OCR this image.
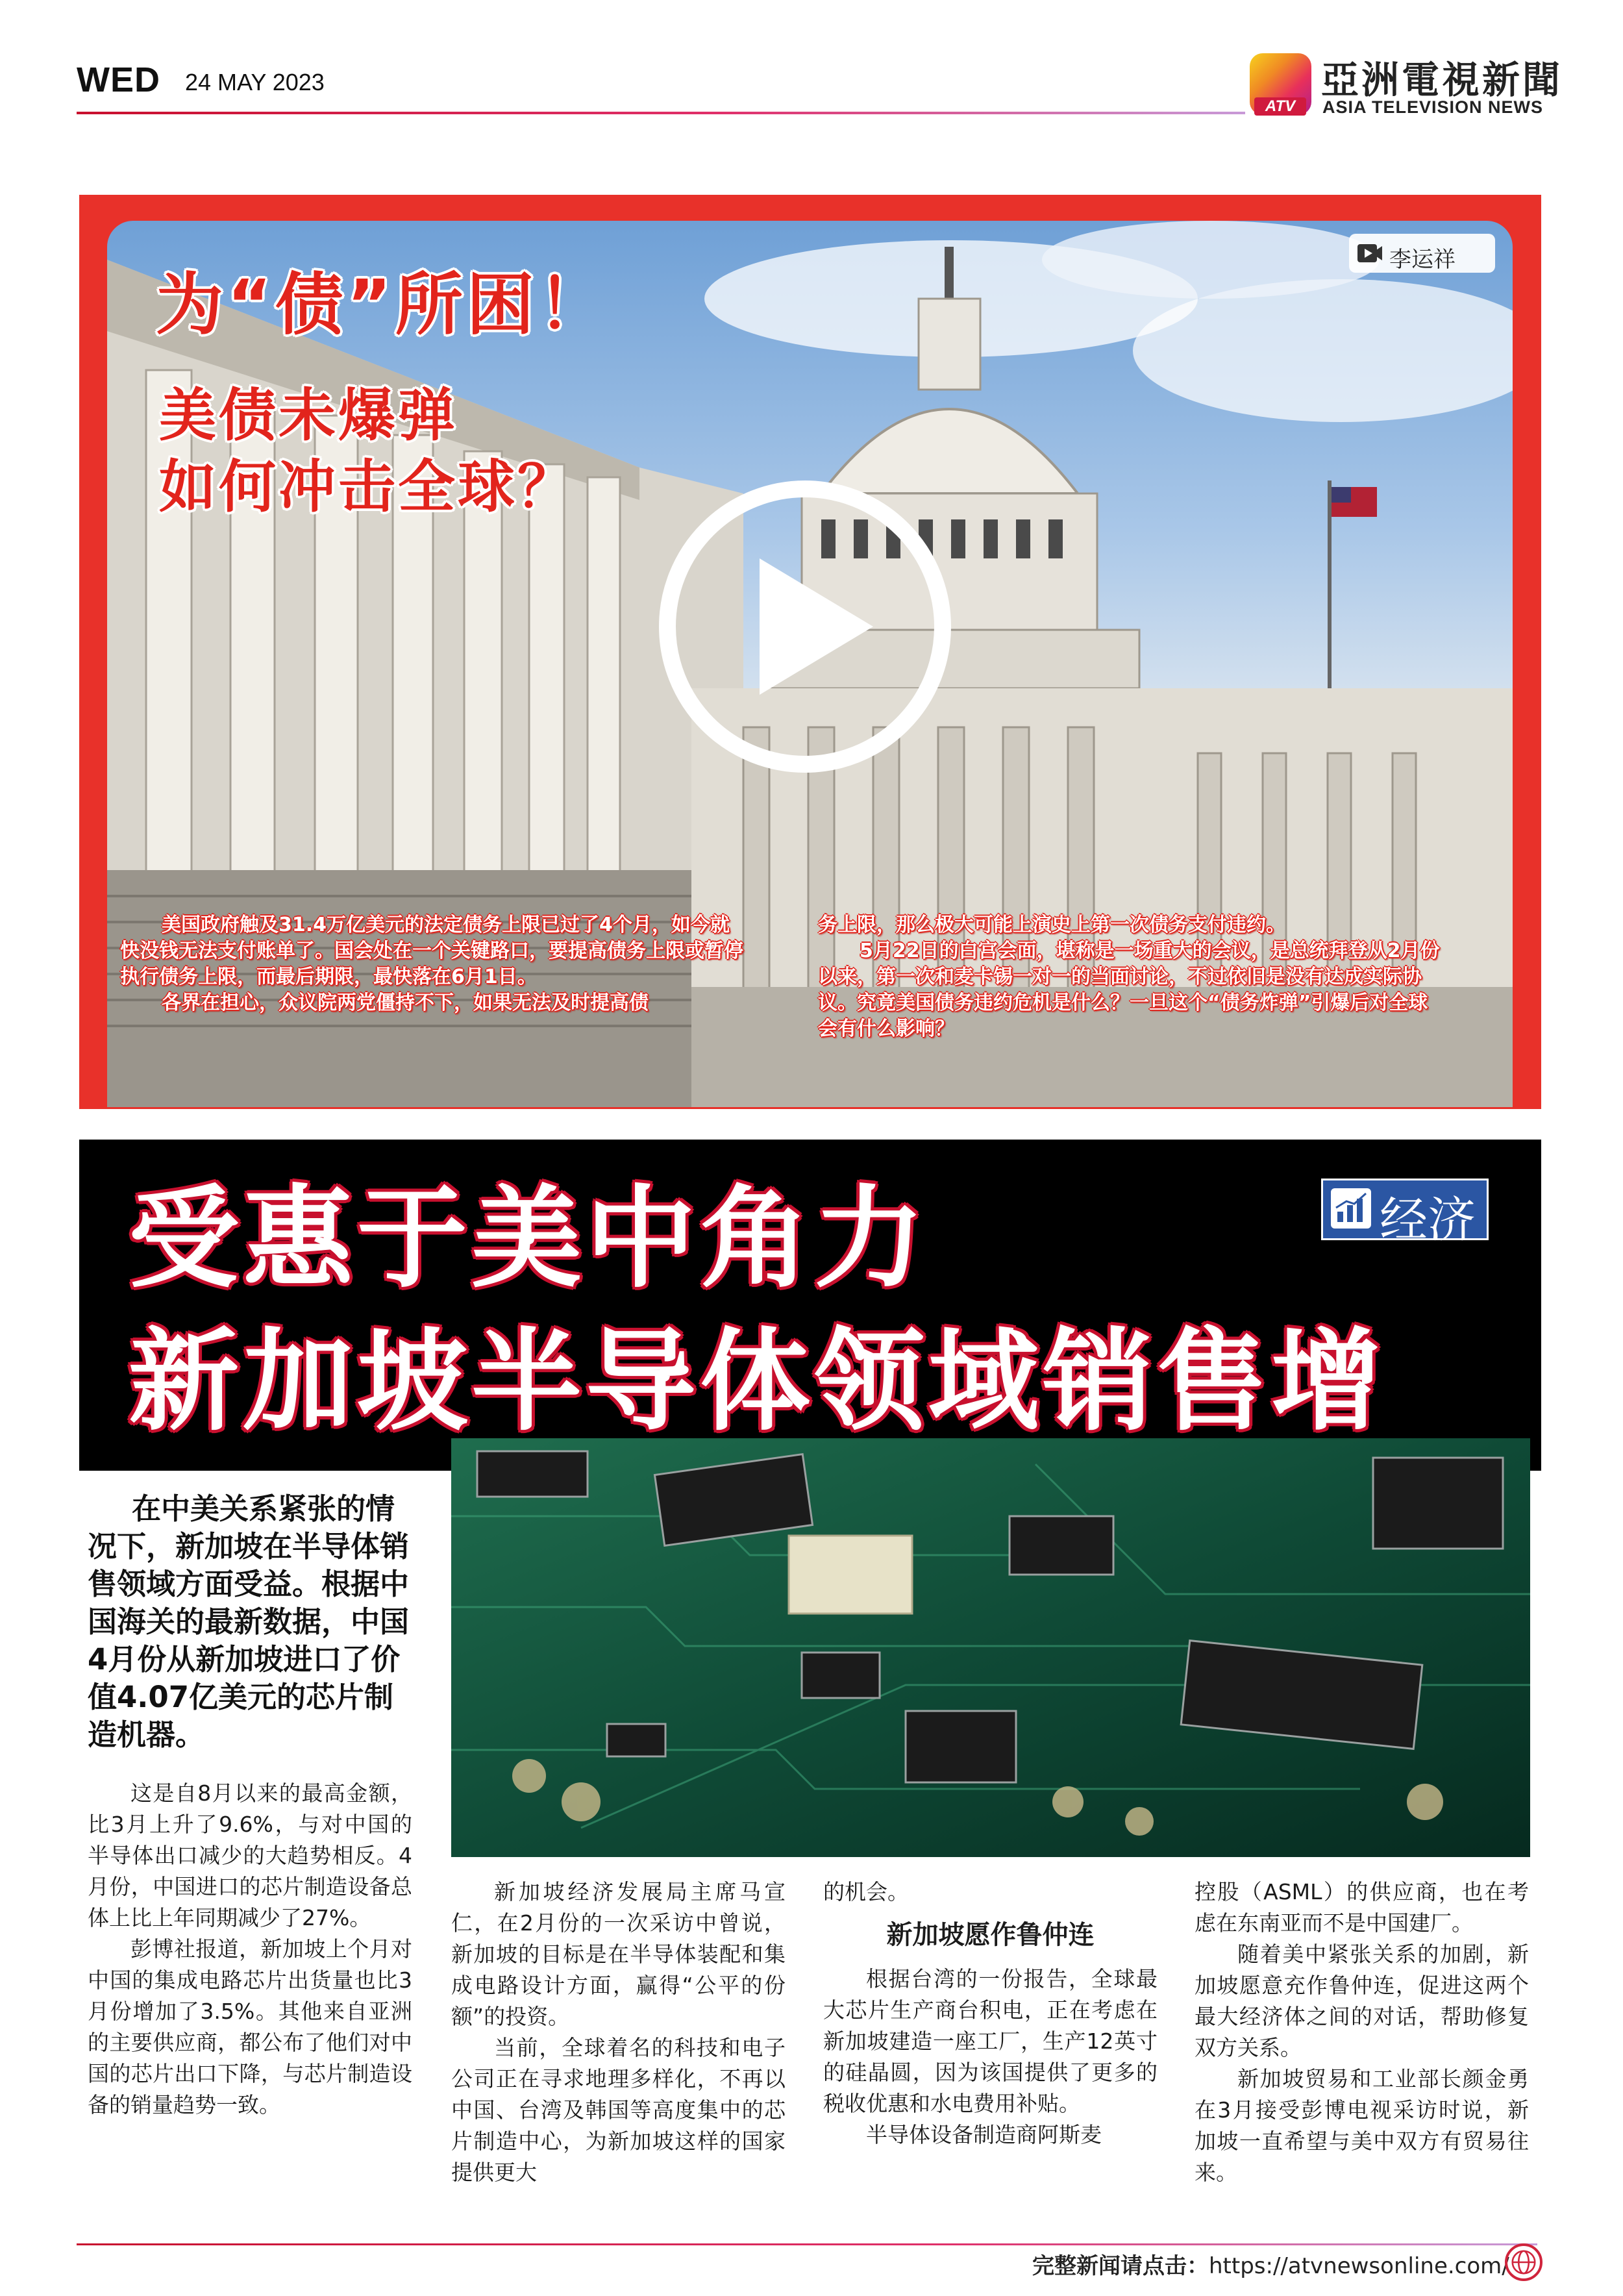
WED 24 MAY 2023
ATV
亞洲電視新聞
ASIA TELEVISION NEWS
为“债”所困！
美债未爆弹
如何冲击全球？
李运祥

美国政府触及31.4万亿美元的法定债务上限已过了4个月，如今就快没钱无法支付账单了。国会处在一个关键路口，要提高债务上限或暂停执行债务上限，而最后期限，最快落在6月1日。

各界在担心，众议院两党僵持不下，如果无法及时提高债

务上限，那么极大可能上演史上第一次债务支付违约。

5月22日的白宫会面，堪称是一场重大的会议，是总统拜登从2月份以来，第一次和麦卡锡一对一的当面讨论，不过依旧是没有达成实际协议。究竟美国债务违约危机是什么？一旦这个“债务炸弹”引爆后对全球会有什么影响？

受惠于美中角力
新加坡半导体领域销售增
经济
在中美关系紧张的情况下，新加坡在半导体销售领域方面受益。根据中国海关的最新数据，中国4月份从新加坡进口了价值4.07亿美元的芯片制造机器。

这是自8月以来的最高金额，比3月上升了9.6%，与对中国的半导体出口减少的大趋势相反。4月份，中国进口的芯片制造设备总体上比上年同期减少了27%。

彭博社报道，新加坡上个月对中国的集成电路芯片出货量也比3月份增加了3.5%。其他来自亚洲的主要供应商，都公布了他们对中国的芯片出口下降，与芯片制造设备的销量趋势一致。

新加坡经济发展局主席马宣仁，在2月份的一次采访中曾说，新加坡的目标是在半导体装配和集成电路设计方面，赢得“公平的份额”的投资。

当前，全球着名的科技和电子公司正在寻求地理多样化，不再以中国、台湾及韩国等高度集中的芯片制造中心，为新加坡这样的国家提供更大

的机会。

新加坡愿作鲁仲连

根据台湾的一份报告，全球最大芯片生产商台积电，正在考虑在新加坡建造一座工厂，生产12英寸的硅晶圆，因为该国提供了更多的税收优惠和水电费用补贴。

半导体设备制造商阿斯麦

控股（ASML）的供应商，也在考虑在东南亚而不是中国建厂。

随着美中紧张关系的加剧，新加坡愿意充作鲁仲连，促进这两个最大经济体之间的对话，帮助修复双方关系。

新加坡贸易和工业部长颜金勇在3月接受彭博电视采访时说，新加坡一直希望与美中双方有贸易往来。

完整新闻请点击：https://atvnewsonline.com/
